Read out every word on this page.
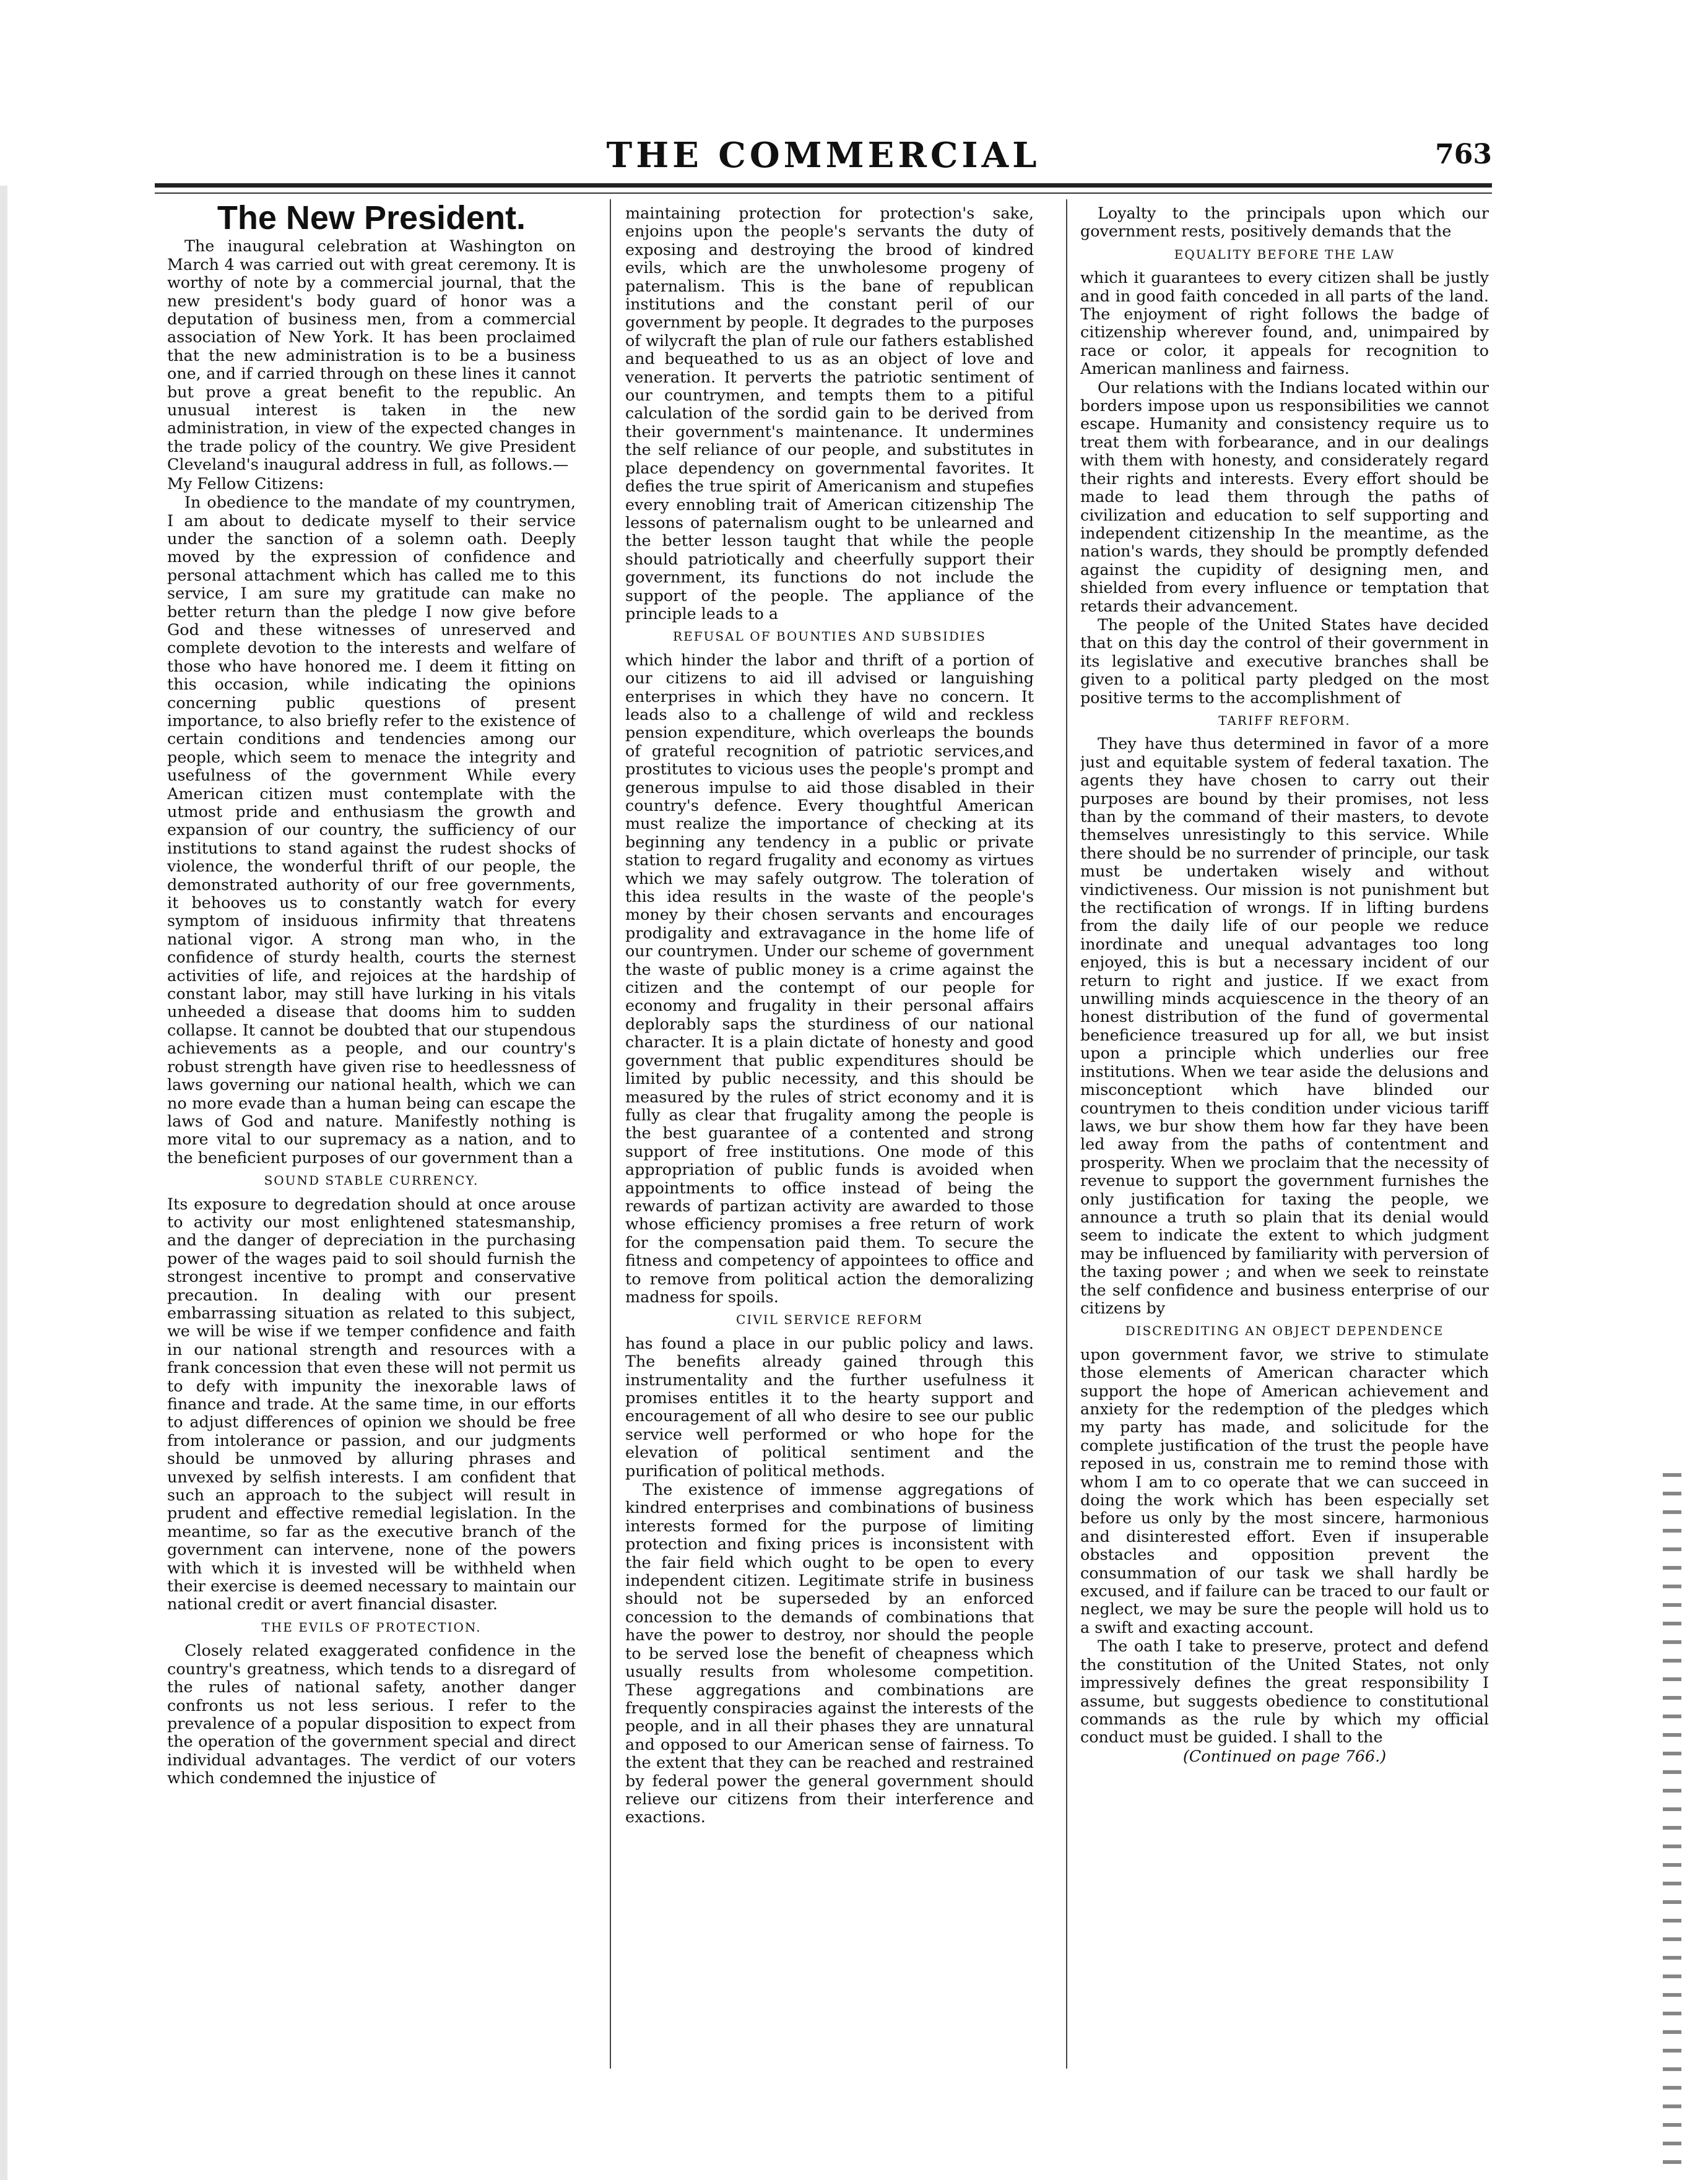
THE COMMERCIAL	763
The New President.

The inaugural celebration at Washington on March 4 was carried out with great ceremony. It is worthy of note by a commercial journal, that the new president's body guard of honor was a deputation of business men, from a commercial association of New York. It has been proclaimed that the new administration is to be a business one, and if carried through on these lines it cannot but prove a great benefit to the republic. An unusual interest is taken in the new administration, in view of the expected changes in the trade policy of the country. We give President Cleveland's inaugural address in full, as follows.—

My Fellow Citizens:

In obedience to the mandate of my countrymen, I am about to dedicate myself to their service under the sanction of a solemn oath. Deeply moved by the expression of confidence and personal attachment which has called me to this service, I am sure my gratitude can make no better return than the pledge I now give before God and these witnesses of unreserved and complete devotion to the interests and welfare of those who have honored me. I deem it fitting on this occasion, while indicating the opinions concerning public questions of present importance, to also briefly refer to the existence of certain conditions and tendencies among our people, which seem to menace the integrity and usefulness of the government While every American citizen must contemplate with the utmost pride and enthusiasm the growth and expansion of our country, the sufficiency of our institutions to stand against the rudest shocks of violence, the wonderful thrift of our people, the demonstrated authority of our free governments, it behooves us to constantly watch for every symptom of insiduous infirmity that threatens national vigor. A strong man who, in the confidence of sturdy health, courts the sternest activities of life, and rejoices at the hardship of constant labor, may still have lurking in his vitals unheeded a disease that dooms him to sudden collapse. It cannot be doubted that our stupendous achievements as a people, and our country's robust strength have given rise to heedlessness of laws governing our national health, which we can no more evade than a human being can escape the laws of God and nature. Manifestly nothing is more vital to our supremacy as a nation, and to the beneficient purposes of our government than a

SOUND STABLE CURRENCY.

Its exposure to degredation should at once arouse to activity our most enlightened statesmanship, and the danger of depreciation in the purchasing power of the wages paid to soil should furnish the strongest incentive to prompt and conservative precaution. In dealing with our present embarrassing situation as related to this subject, we will be wise if we temper confidence and faith in our national strength and resources with a frank concession that even these will not permit us to defy with impunity the inexorable laws of finance and trade. At the same time, in our efforts to adjust differences of opinion we should be free from intolerance or passion, and our judgments should be unmoved by alluring phrases and unvexed by selfish interests. I am confident that such an approach to the subject will result in prudent and effective remedial legislation. In the meantime, so far as the executive branch of the government can intervene, none of the powers with which it is invested will be withheld when their exercise is deemed necessary to maintain our national credit or avert financial disaster.

THE EVILS OF PROTECTION.

Closely related exaggerated confidence in the country's greatness, which tends to a disregard of the rules of national safety, another danger confronts us not less serious. I refer to the prevalence of a popular disposition to expect from the operation of the government special and direct individual advantages. The verdict of our voters which condemned the injustice of

maintaining protection for protection's sake, enjoins upon the people's servants the duty of exposing and destroying the brood of kindred evils, which are the unwholesome progeny of paternalism. This is the bane of republican institutions and the constant peril of our government by people. It degrades to the purposes of wilycraft the plan of rule our fathers established and bequeathed to us as an object of love and veneration. It perverts the patriotic sentiment of our countrymen, and tempts them to a pitiful calculation of the sordid gain to be derived from their government's maintenance. It undermines the self reliance of our people, and substitutes in place dependency on governmental favorites. It defies the true spirit of Americanism and stupefies every ennobling trait of American citizenship The lessons of paternalism ought to be unlearned and the better lesson taught that while the people should patriotically and cheerfully support their government, its functions do not include the support of the people. The appliance of the principle leads to a

REFUSAL OF BOUNTIES AND SUBSIDIES

which hinder the labor and thrift of a portion of our citizens to aid ill advised or languishing enterprises in which they have no concern. It leads also to a challenge of wild and reckless pension expenditure, which overleaps the bounds of grateful recognition of patriotic services,and prostitutes to vicious uses the people's prompt and generous impulse to aid those disabled in their country's defence. Every thoughtful American must realize the importance of checking at its beginning any tendency in a public or private station to regard frugality and economy as virtues which we may safely outgrow. The toleration of this idea results in the waste of the people's money by their chosen servants and encourages prodigality and extravagance in the home life of our countrymen. Under our scheme of government the waste of public money is a crime against the citizen and the contempt of our people for economy and frugality in their personal affairs deplorably saps the sturdiness of our national character. It is a plain dictate of honesty and good government that public expenditures should be limited by public necessity, and this should be measured by the rules of strict economy and it is fully as clear that frugality among the people is the best guarantee of a contented and strong support of free institutions. One mode of this appropriation of public funds is avoided when appointments to office instead of being the rewards of partizan activity are awarded to those whose efficiency promises a free return of work for the compensation paid them. To secure the fitness and competency of appointees to office and to remove from political action the demoralizing madness for spoils.

CIVIL SERVICE REFORM

has found a place in our public policy and laws. The benefits already gained through this instrumentality and the further usefulness it promises entitles it to the hearty support and encouragement of all who desire to see our public service well performed or who hope for the elevation of political sentiment and the purification of political methods.

The existence of immense aggregations of kindred enterprises and combinations of business interests formed for the purpose of limiting protection and fixing prices is inconsistent with the fair field which ought to be open to every independent citizen. Legitimate strife in business should not be superseded by an enforced concession to the demands of combinations that have the power to destroy, nor should the people to be served lose the benefit of cheapness which usually results from wholesome competition. These aggregations and combinations are frequently conspiracies against the interests of the people, and in all their phases they are unnatural and opposed to our American sense of fairness. To the extent that they can be reached and restrained by federal power the general government should relieve our citizens from their interference and exactions.

Loyalty to the principals upon which our government rests, positively demands that the

EQUALITY BEFORE THE LAW

which it guarantees to every citizen shall be justly and in good faith conceded in all parts of the land. The enjoyment of right follows the badge of citizenship wherever found, and, unimpaired by race or color, it appeals for recognition to American manliness and fairness.

Our relations with the Indians located within our borders impose upon us responsibilities we cannot escape. Humanity and consistency require us to treat them with forbearance, and in our dealings with them with honesty, and considerately regard their rights and interests. Every effort should be made to lead them through the paths of civilization and education to self supporting and independent citizenship In the meantime, as the nation's wards, they should be promptly defended against the cupidity of designing men, and shielded from every influence or temptation that retards their advancement.

The people of the United States have decided that on this day the control of their government in its legislative and executive branches shall be given to a political party pledged on the most positive terms to the accomplishment of

TARIFF REFORM.

They have thus determined in favor of a more just and equitable system of federal taxation. The agents they have chosen to carry out their purposes are bound by their promises, not less than by the command of their masters, to devote themselves unresistingly to this service. While there should be no surrender of principle, our task must be undertaken wisely and without vindictiveness. Our mission is not punishment but the rectification of wrongs. If in lifting burdens from the daily life of our people we reduce inordinate and unequal advantages too long enjoyed, this is but a necessary incident of our return to right and justice. If we exact from unwilling minds acquiescence in the theory of an honest distribution of the fund of govermental beneficience treasured up for all, we but insist upon a principle which underlies our free institutions. When we tear aside the delusions and misconceptiont which have blinded our countrymen to theis condition under vicious tariff laws, we bur show them how far they have been led away from the paths of contentment and prosperity. When we proclaim that the necessity of revenue to support the government furnishes the only justification for taxing the people, we announce a truth so plain that its denial would seem to indicate the extent to which judgment may be influenced by familiarity with perversion of the taxing power ; and when we seek to reinstate the self confidence and business enterprise of our citizens by

DISCREDITING AN OBJECT DEPENDENCE

upon government favor, we strive to stimulate those elements of American character which support the hope of American achievement and anxiety for the redemption of the pledges which my party has made, and solicitude for the complete justification of the trust the people have reposed in us, constrain me to remind those with whom I am to co operate that we can succeed in doing the work which has been especially set before us only by the most sincere, harmonious and disinterested effort. Even if insuperable obstacles and opposition prevent the consummation of our task we shall hardly be excused, and if failure can be traced to our fault or neglect, we may be sure the people will hold us to a swift and exacting account.

The oath I take to preserve, protect and defend the constitution of the United States, not only impressively defines the great responsibility I assume, but suggests obedience to constitutional commands as the rule by which my official conduct must be guided. I shall to the

(Continued on page 766.)
